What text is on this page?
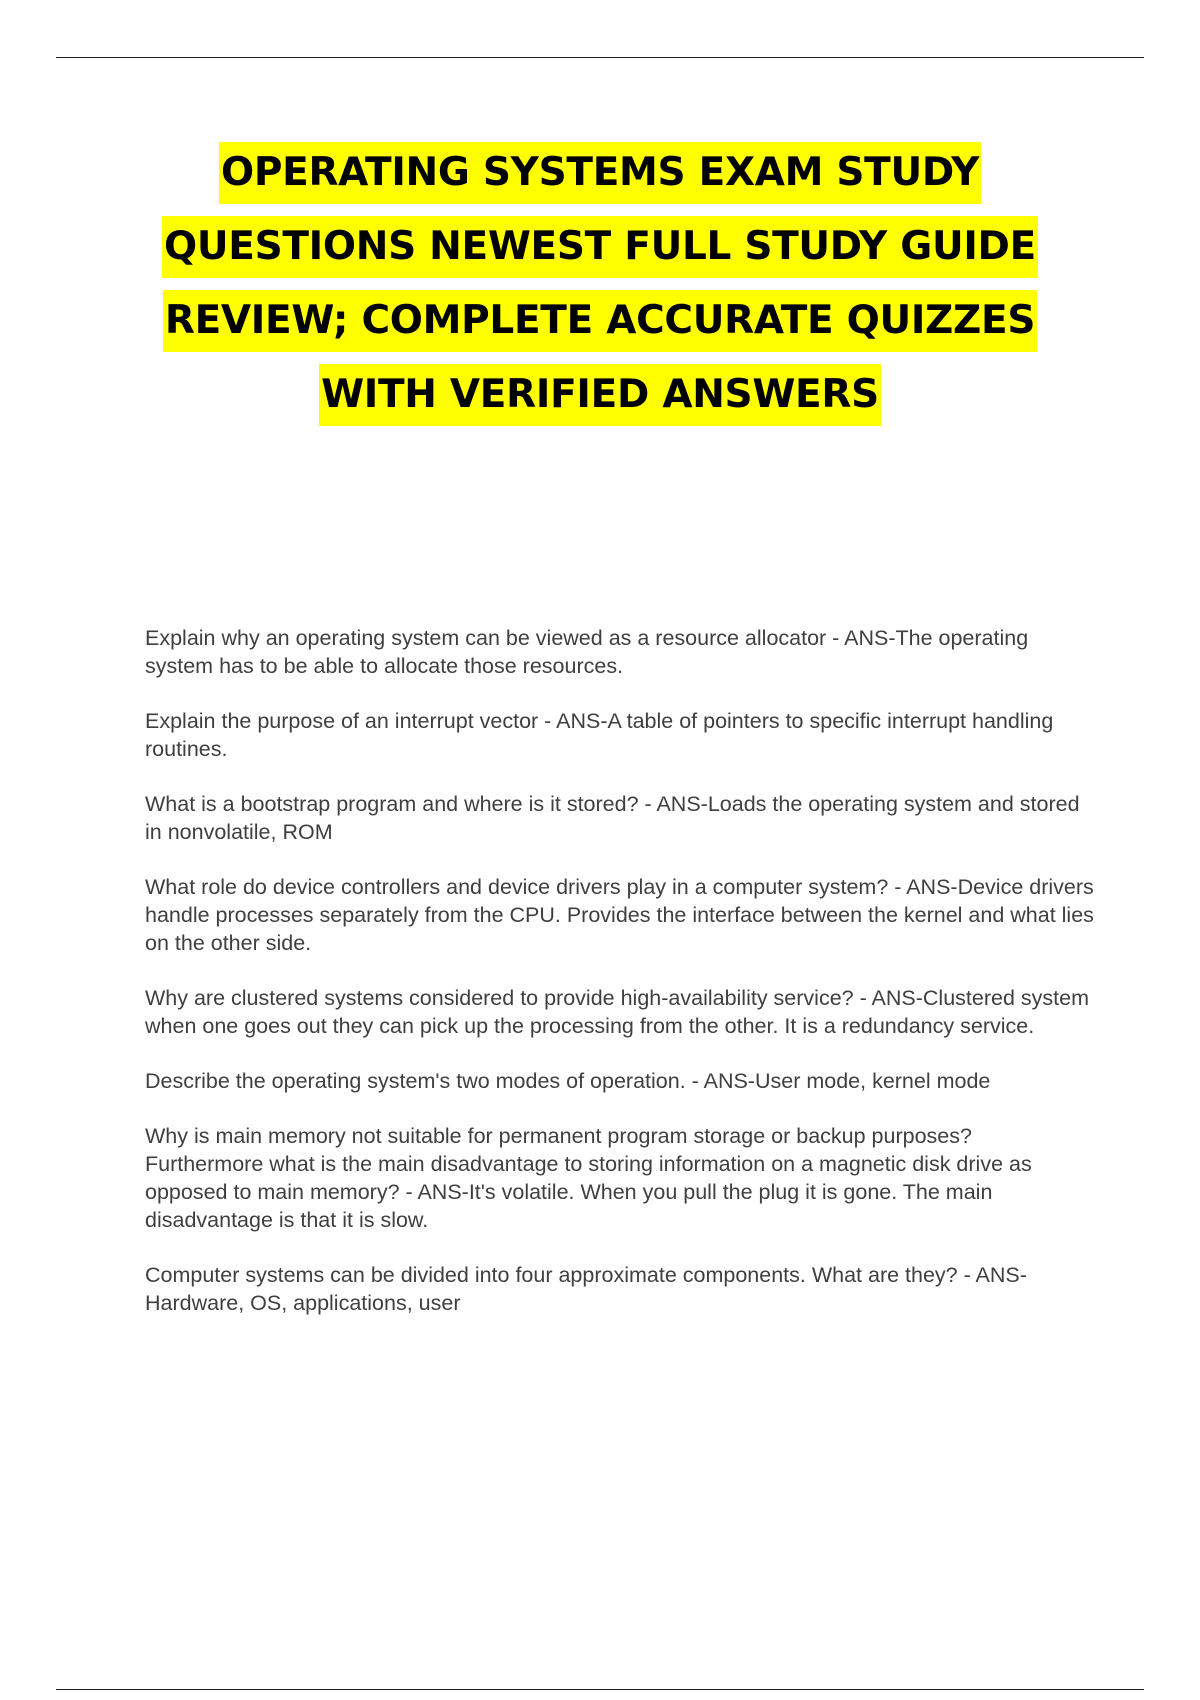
OPERATING SYSTEMS EXAM STUDY
QUESTIONS NEWEST FULL STUDY GUIDE
REVIEW; COMPLETE ACCURATE QUIZZES
WITH VERIFIED ANSWERS

Explain why an operating system can be viewed as a resource allocator - ANS-The operating system has to be able to allocate those resources.

Explain the purpose of an interrupt vector - ANS-A table of pointers to specific interrupt handling routines.

What is a bootstrap program and where is it stored? - ANS-Loads the operating system and stored in nonvolatile, ROM

What role do device controllers and device drivers play in a computer system? - ANS-Device drivers handle processes separately from the CPU. Provides the interface between the kernel and what lies on the other side.

Why are clustered systems considered to provide high-availability service? - ANS-Clustered system when one goes out they can pick up the processing from the other. It is a redundancy service.

Describe the operating system's two modes of operation. - ANS-User mode, kernel mode

Why is main memory not suitable for permanent program storage or backup purposes? Furthermore what is the main disadvantage to storing information on a magnetic disk drive as opposed to main memory? - ANS-It's volatile. When you pull the plug it is gone. The main disadvantage is that it is slow.

Computer systems can be divided into four approximate components. What are they? - ANS-Hardware, OS, applications, user
